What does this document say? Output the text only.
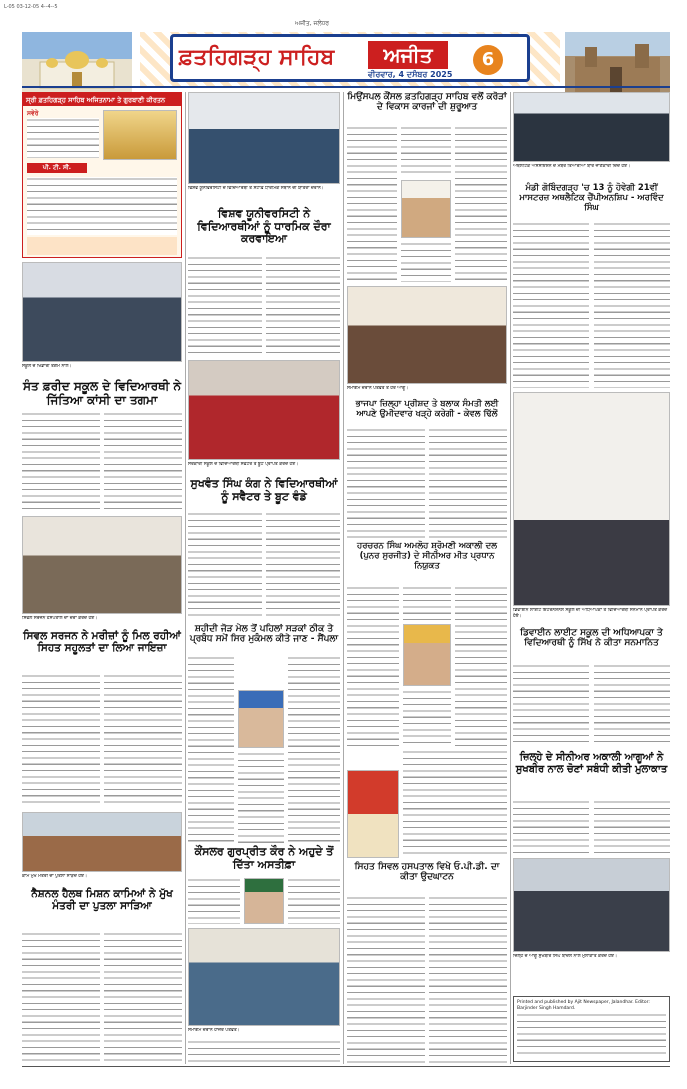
L-05 03-12-05 4--4--5
ਫ਼ਤਹਿਗੜ੍ਹ ਸਾਹਿਬ	ਅਜੀਤ
ਵੀਰਵਾਰ, 4 ਦਸੰਬਰ 2025
6
ਅਜੀਤ, ਜਲੰਧਰ
ਸ੍ਰੀ ਫ਼ਤਹਿਗੜ੍ਹ ਸਾਹਿਬ ਅਜਿਤਨਾਮਾ ਤੇ ਗੁਰਬਾਣੀ ਕੀਰਤਨ
ਸਵੇਰੇ
ਪੀ. ਟੀ. ਸੀ.
ਸਕੂਲ ਦੇ ਖਿਡਾਰੀ ਤਗਮੇ ਨਾਲ।
ਸੰਤ ਫ਼ਰੀਦ ਸਕੂਲ ਦੇ ਵਿਦਿਆਰਥੀ ਨੇ ਜਿੱਤਿਆ ਕਾਂਸੀ ਦਾ ਤਗਮਾ
ਸਿਵਲ ਸਰਜਨ ਹਸਪਤਾਲ ਦਾ ਦੌਰਾ ਕਰਦੇ ਹੋਏ।
ਸਿਵਲ ਸਰਜਨ ਨੇ ਮਰੀਜ਼ਾਂ ਨੂੰ ਮਿਲ ਰਹੀਆਂ ਸਿਹਤ ਸਹੂਲਤਾਂ ਦਾ ਲਿਆ ਜਾਇਜ਼ਾ
ਕਾਮੇ ਮੁੱਖ ਮੰਤਰੀ ਦਾ ਪੁਤਲਾ ਸਾੜਦੇ ਹੋਏ।
ਨੈਸ਼ਨਲ ਹੈਲਥ ਮਿਸ਼ਨ ਕਾਮਿਆਂ ਨੇ ਮੁੱਖ ਮੰਤਰੀ ਦਾ ਪੁਤਲਾ ਸਾੜਿਆ
ਵਿਸ਼ਵ ਯੂਨੀਵਰਸਿਟੀ ਦੇ ਵਿਦਿਆਰਥੀ ਤੇ ਸਟਾਫ਼ ਧਾਰਮਿਕ ਸਥਾਨ ਦੀ ਯਾਤਰਾ ਦੌਰਾਨ।
ਵਿਸ਼ਵ ਯੂਨੀਵਰਸਿਟੀ ਨੇ ਵਿਦਿਆਰਥੀਆਂ ਨੂੰ ਧਾਰਮਿਕ ਦੌਰਾ ਕਰਵਾਇਆ
ਸਰਕਾਰੀ ਸਕੂਲ ਦੇ ਵਿਦਿਆਰਥੀ ਸਵੈਟਰ ਤੇ ਬੂਟ ਪ੍ਰਾਪਤ ਕਰਦੇ ਹੋਏ।
ਸੁਖਵੰਤ ਸਿੰਘ ਕੰਗ ਨੇ ਵਿਦਿਆਰਥੀਆਂ ਨੂੰ ਸਵੈਟਰ ਤੇ ਬੂਟ ਵੰਡੇ
ਸ਼ਹੀਦੀ ਜੋੜ ਮੇਲ ਤੋਂ ਪਹਿਲਾਂ ਸੜਕਾਂ ਠੀਕ ਤੇ ਪ੍ਰਬੰਧ ਸਮੇਂ ਸਿਰ ਮੁਕੰਮਲ ਕੀਤੇ ਜਾਣ - ਸੈਂਪਲਾ
ਕੌਂਸਲਰ ਗੁਰਪ੍ਰੀਤ ਕੌਰ ਨੇ ਅਹੁਦੇ ਤੋਂ ਦਿੱਤਾ ਅਸਤੀਫ਼ਾ
ਸਮਾਗਮ ਦੌਰਾਨ ਹਾਜ਼ਰ ਪਤਵੰਤੇ।
ਮਿਉਂਸਪਲ ਕੌਂਸਲ ਫ਼ਤਹਿਗੜ੍ਹ ਸਾਹਿਬ ਵਲੋਂ ਕਰੋੜਾਂ ਦੇ ਵਿਕਾਸ ਕਾਰਜਾਂ ਦੀ ਸ਼ੁਰੂਆਤ
ਸਮਾਗਮ ਦੌਰਾਨ ਪਤਵੰਤੇ ਤੇ ਹੋਰ ਆਗੂ।
ਭਾਜਪਾ ਜ਼ਿਲ੍ਹਾ ਪ੍ਰੀਸ਼ਦ ਤੇ ਬਲਾਕ ਸੰਮਤੀ ਲਈ ਆਪਣੇ ਉਮੀਦਵਾਰ ਖੜ੍ਹੇ ਕਰੇਗੀ - ਕੇਵਲ ਢਿੱਲੋਂ
ਹਰਚਰਨ ਸਿੰਘ ਅਮਲੋਹ ਸ਼੍ਰੋਮਣੀ ਅਕਾਲੀ ਦਲ (ਪੁਨਰ ਸੁਰਜੀਤ) ਦੇ ਸੀਨੀਅਰ ਮੀਤ ਪ੍ਰਧਾਨ ਨਿਯੁਕਤ
ਸਿਹਤ ਸਿਵਲ ਹਸਪਤਾਲ ਵਿਖੇ ਓ.ਪੀ.ਡੀ. ਦਾ ਕੀਤਾ ਉਦਘਾਟਨ
ਅਥਲੈਟਿਕ ਐਸੋਸੀਏਸ਼ਨ ਦੇ ਮੈਂਬਰ ਤਿਆਰੀਆਂ ਬਾਰੇ ਜਾਣਕਾਰੀ ਦਿੰਦੇ ਹੋਏ।
ਮੰਡੀ ਗੋਬਿੰਦਗੜ੍ਹ 'ਚ 13 ਨੂੰ ਹੋਵੇਗੀ 21ਵੀਂ ਮਾਸਟਰਜ਼ ਅਥਲੈਟਿਕ ਚੈਂਪੀਅਨਸ਼ਿਪ - ਅਰਵਿੰਦ ਸਿੰਘ
ਡਿਵਾਈਨ ਲਾਈਟ ਇੰਟਰਨੈਸ਼ਨਲ ਸਕੂਲ ਦੀ ਅਧਿਆਪਕਾ ਤੇ ਵਿਦਿਆਰਥੀ ਸਨਮਾਨ ਪ੍ਰਾਪਤ ਕਰਦੇ ਹੋਏ।
ਡਿਵਾਈਨ ਲਾਈਟ ਸਕੂਲ ਦੀ ਅਧਿਆਪਕਾ ਤੇ ਵਿਦਿਆਰਥੀ ਨੂੰ ਸਿੱਖ ਨੇ ਕੀਤਾ ਸਨਮਾਨਿਤ
ਜ਼ਿਲ੍ਹੇ ਦੇ ਸੀਨੀਅਰ ਅਕਾਲੀ ਆਗੂਆਂ ਨੇ ਸੁਖਬੀਰ ਨਾਲ ਚੋਣਾਂ ਸਬੰਧੀ ਕੀਤੀ ਮੁਲਾਕਾਤ
ਜ਼ਿਲ੍ਹੇ ਦੇ ਆਗੂ ਸੁਖਬੀਰ ਸਿੰਘ ਬਾਦਲ ਨਾਲ ਮੁਲਾਕਾਤ ਕਰਦੇ ਹੋਏ।
Printed and published by Ajit Newspaper, Jalandhar. Editor: Barjinder Singh Hamdard.
